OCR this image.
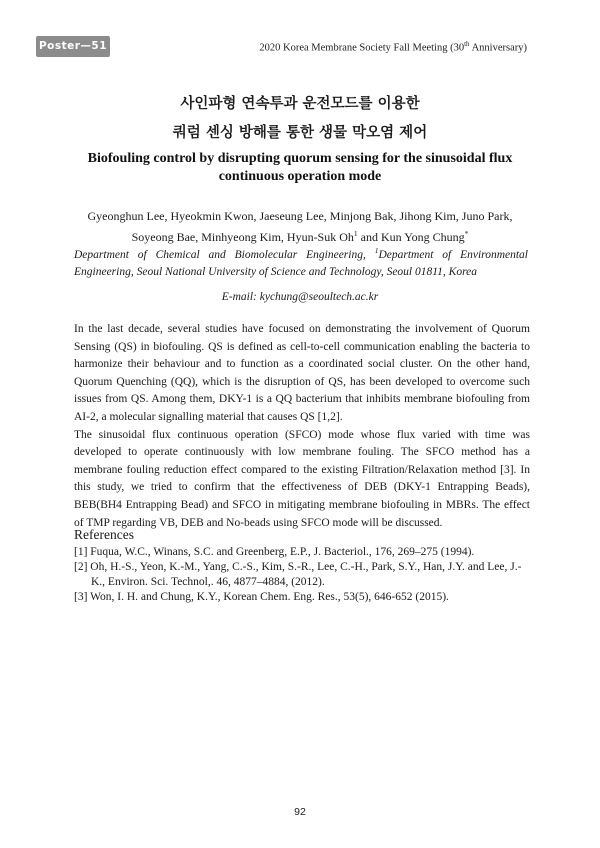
Poster—51	2020 Korea Membrane Society Fall Meeting (30th Anniversary)
사인파형 연속투과 운전모드를 이용한
쿼럼 센싱 방해를 통한 생물 막오염 제어
Biofouling control by disrupting quorum sensing for the sinusoidal flux continuous operation mode
Gyeonghun Lee, Hyeokmin Kwon, Jaeseung Lee, Minjong Bak, Jihong Kim, Juno Park,
Soyeong Bae, Minhyeong Kim, Hyun-Suk Oh$^1$ and Kun Yong Chung*
Department of Chemical and Biomolecular Engineering, $^1$Department of Environmental Engineering, Seoul National University of Science and Technology, Seoul 01811, Korea
E-mail: kychung@seoultech.ac.kr

In the last decade, several studies have focused on demonstrating the involvement of Quorum Sensing (QS) in biofouling. QS is defined as cell-to-cell communication enabling the bacteria to harmonize their behaviour and to function as a coordinated social cluster. On the other hand, Quorum Quenching (QQ), which is the disruption of QS, has been developed to overcome such issues from QS. Among them, DKY-1 is a QQ bacterium that inhibits membrane biofouling from AI-2, a molecular signalling material that causes QS [1,2].

The sinusoidal flux continuous operation (SFCO) mode whose flux varied with time was developed to operate continuously with low membrane fouling. The SFCO method has a membrane fouling reduction effect compared to the existing Filtration/Relaxation method [3]. In this study, we tried to confirm that the effectiveness of DEB (DKY-1 Entrapping Beads), BEB(BH4 Entrapping Bead) and SFCO in mitigating membrane biofouling in MBRs. The effect of TMP regarding VB, DEB and No-beads using SFCO mode will be discussed.

References

[1] Fuqua, W.C., Winans, S.C. and Greenberg, E.P., J. Bacteriol., 176, 269–275 (1994).

[2] Oh, H.-S., Yeon, K.-M., Yang, C.-S., Kim, S.-R., Lee, C.-H., Park, S.Y., Han, J.Y. and Lee, J.-K., Environ. Sci. Technol,. 46, 4877–4884, (2012).

[3] Won, I. H. and Chung, K.Y., Korean Chem. Eng. Res., 53(5), 646-652 (2015).

92
